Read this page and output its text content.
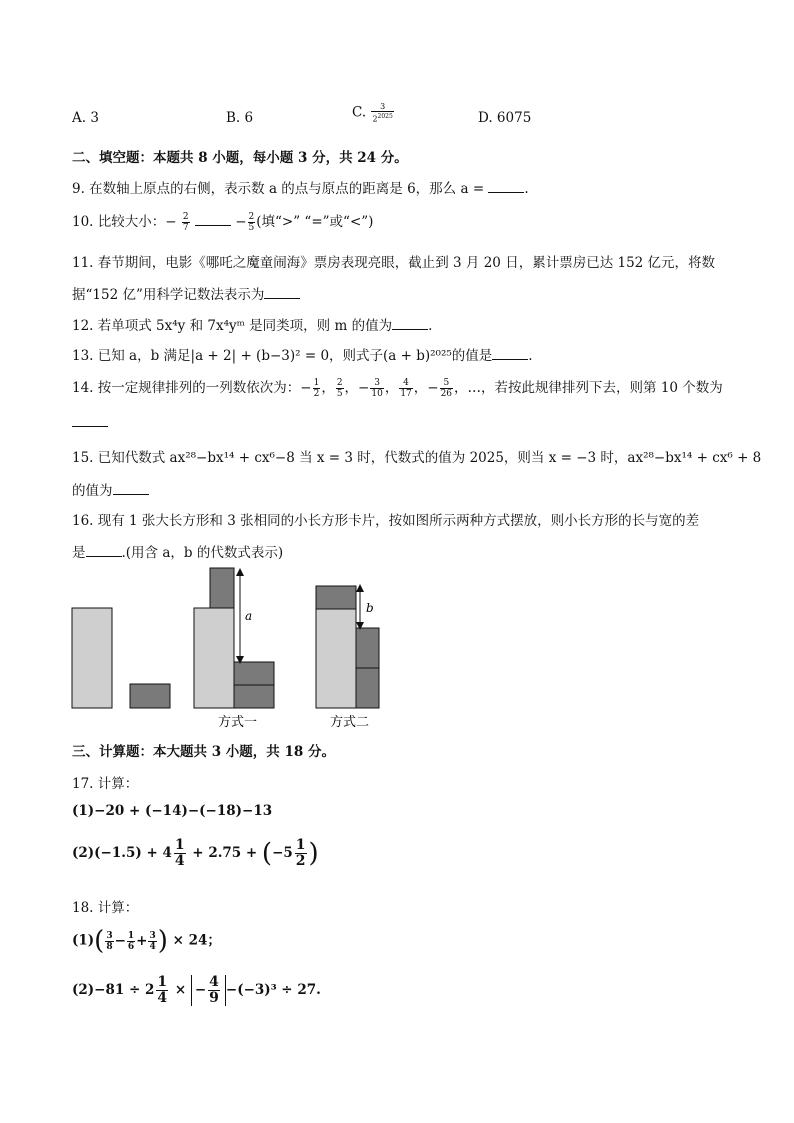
A. 3	B. 6	C. $\frac{3}{2^{2025}}$	D. 6075
二、填空题：本题共 8 小题，每小题 3 分，共 24 分。
9. 在数轴上原点的右侧，表示数 a 的点与原点的距离是 6，那么 a =	.
10. 比较大小：− $\frac{2}{7}$	− $\frac{2}{5}$ (填“>” “=”或“<”)
11. 春节期间，电影《哪吒之魔童闹海》票房表现亮眼，截止到 3 月 20 日，累计票房已达 152 亿元，将数
据“152 亿”用科学记数法表示为
12. 若单项式 5x⁴y 和 7x⁴yᵐ 是同类项，则 m 的值为	.
13. 已知 a，b 满足|a + 2| + (b−3)² = 0，则式子(a + b)²⁰²⁵的值是	.
14. 按一定规律排列的一列数依次为：− $\frac{1}{2}$ ， $\frac{2}{5}$ ，− $\frac{3}{10}$ ， $\frac{4}{17}$ ，− $\frac{5}{26}$ ，…，若按此规律排列下去，则第 10 个数为
15. 已知代数式 ax²⁸−bx¹⁴ + cx⁶−8 当 x = 3 时，代数式的值为 2025，则当 x = −3 时，ax²⁸−bx¹⁴ + cx⁶ + 8
的值为
16. 现有 1 张大长方形和 3 张相同的小长方形卡片，按如图所示两种方式摆放，则小长方形的长与宽的差
是	.(用含 a，b 的代数式表示)
a
b
方式一	方式二
三、计算题：本大题共 3 小题，共 18 分。
17. 计算：
(1)−20 + (−14)−(−18)−13
$(2)(-1.5) + 4 \frac{1}{4} + 2.75 + (-5 \frac{1}{2}$ )
18. 计算：
$(1)( \frac{3}{8} - \frac{1}{6} + \frac{3}{4}$ ) × 24；
$(2)-81 \div 2 \frac{1}{4}$ × − $\frac{4}{9} -(-3)^3 \div 27$.
